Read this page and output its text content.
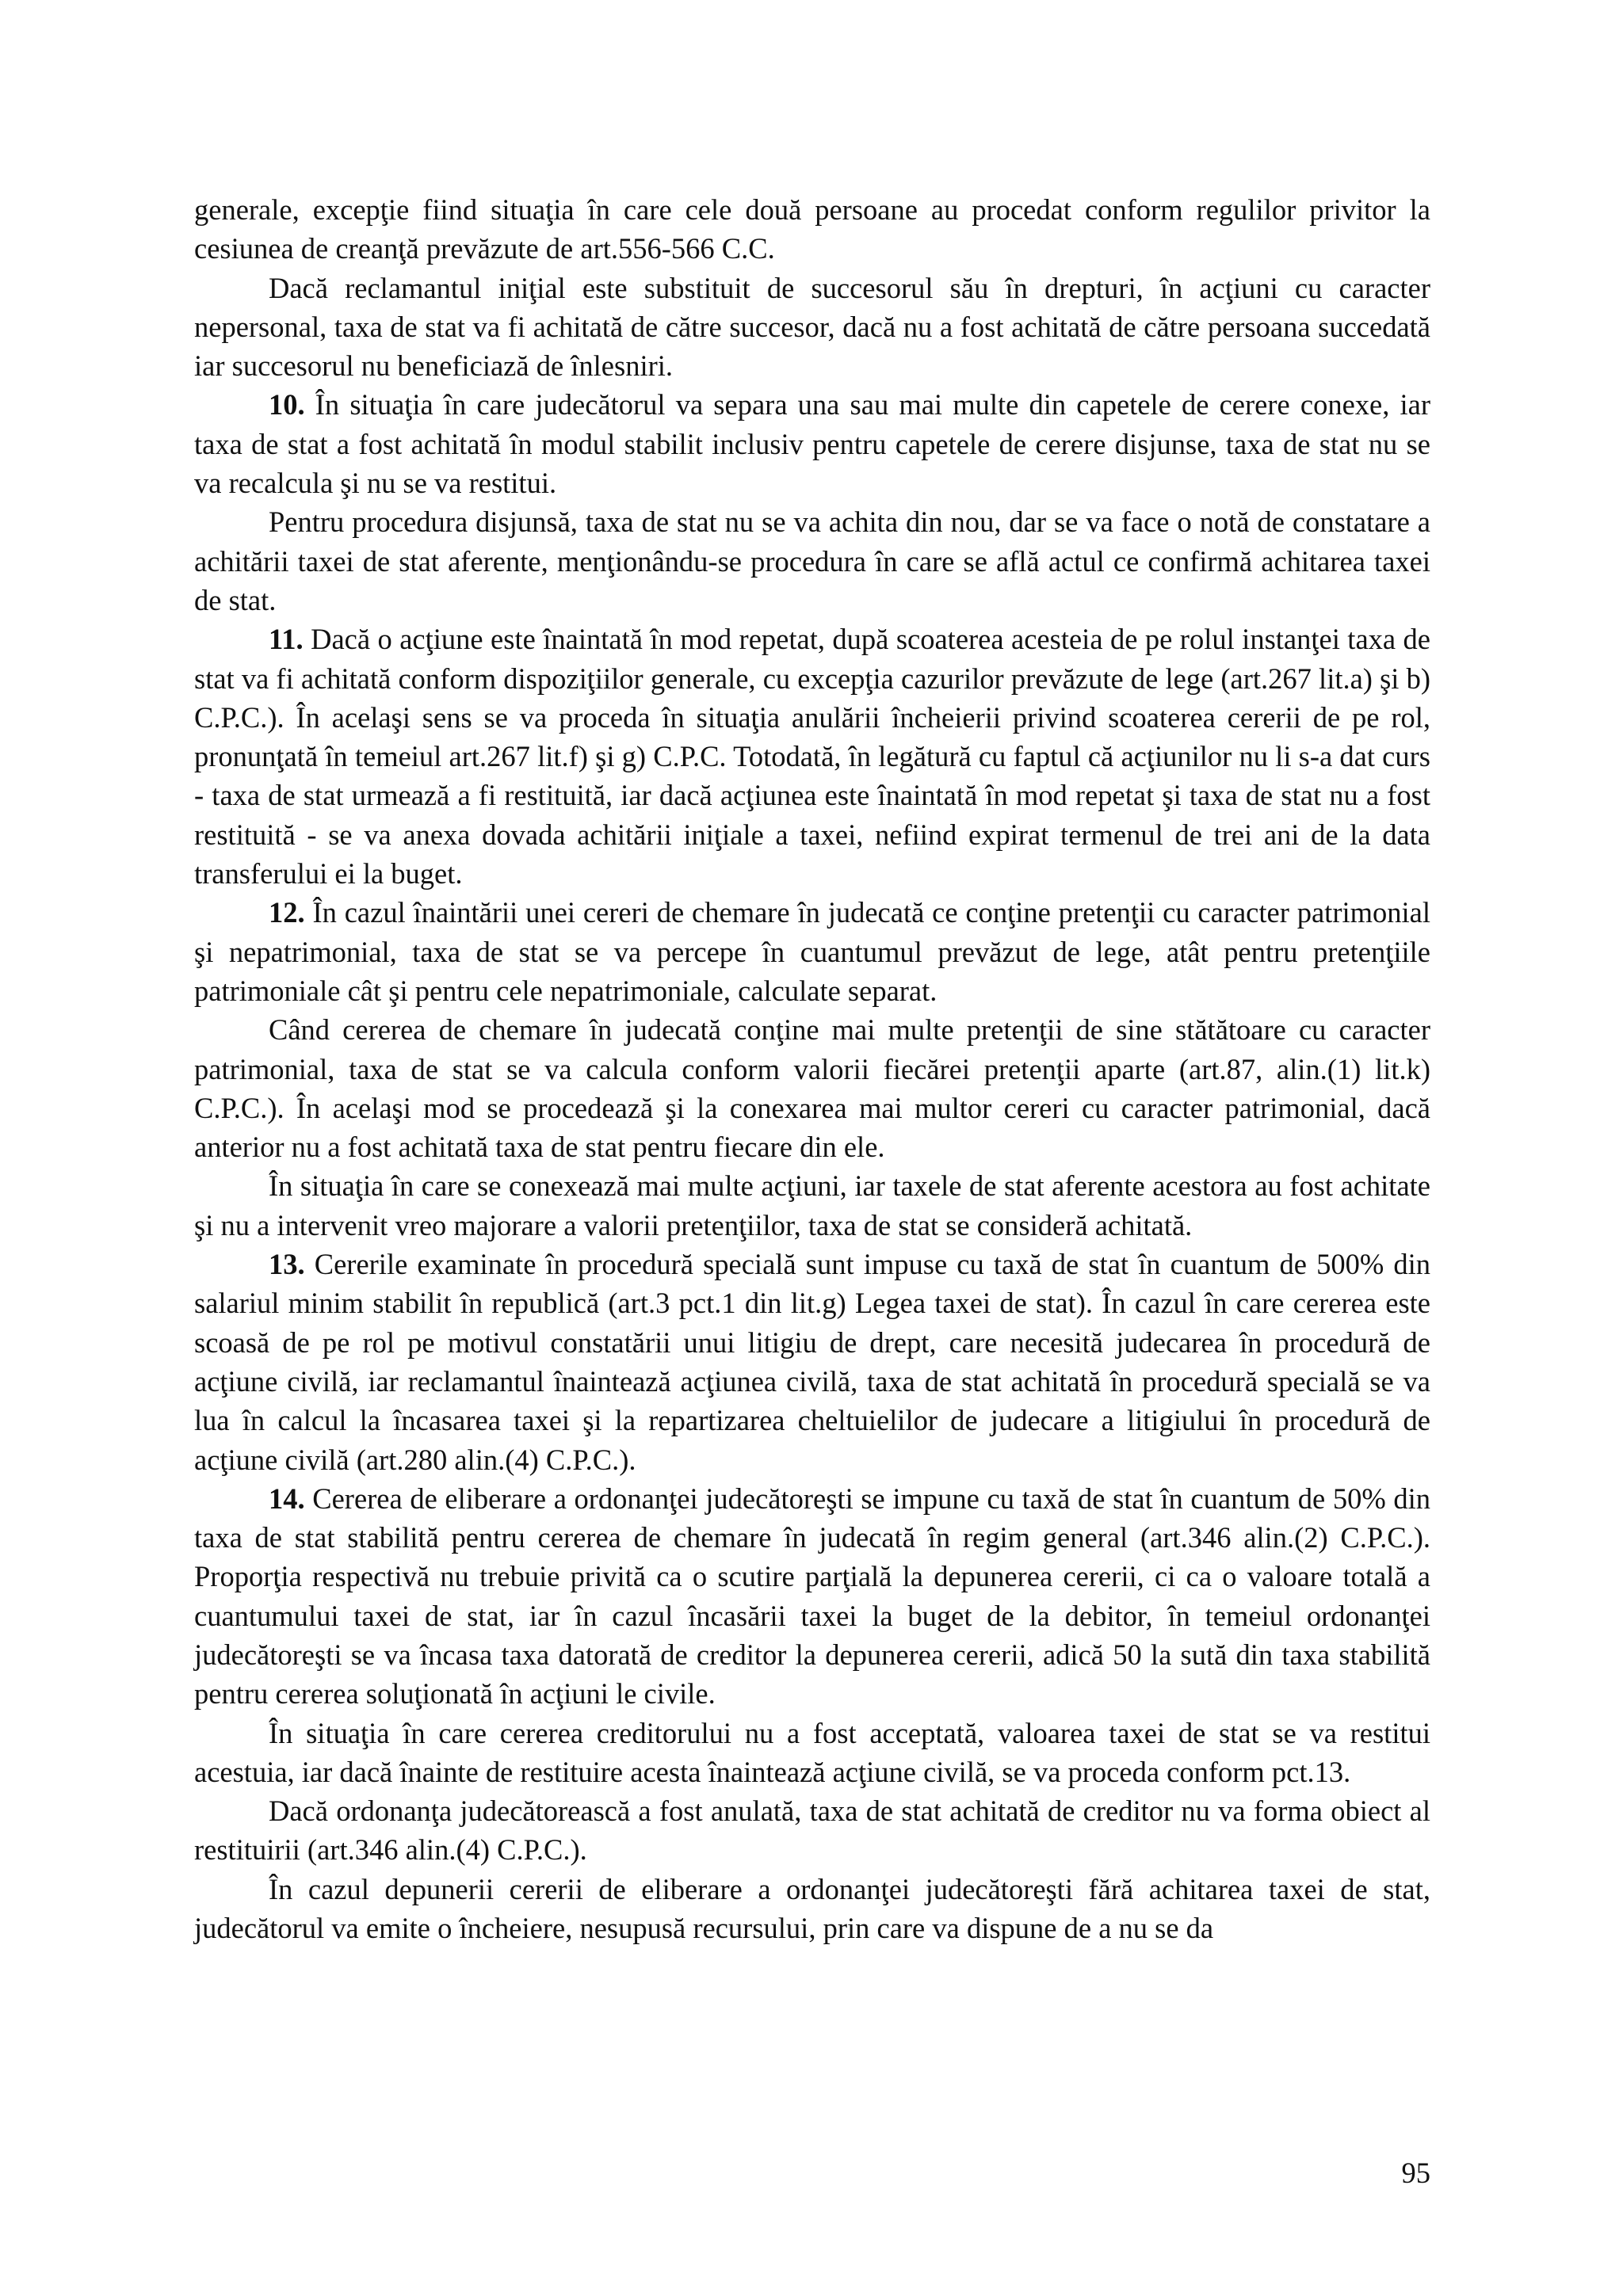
generale, excepţie fiind situaţia în care cele două persoane au procedat conform regulilor privitor la cesiunea de creanţă prevăzute de art.556-566 C.C.

Dacă reclamantul iniţial este substituit de succesorul său în drepturi, în acţiuni cu caracter nepersonal, taxa de stat va fi achitată de către succesor, dacă nu a fost achitată de către persoana succedată iar succesorul nu beneficiază de înlesniri.

10. În situaţia în care judecătorul va separa una sau mai multe din capetele de cerere conexe, iar taxa de stat a fost achitată în modul stabilit inclusiv pentru capetele de cerere disjunse, taxa de stat nu se va recalcula şi nu se va restitui.

Pentru procedura disjunsă, taxa de stat nu se va achita din nou, dar se va face o notă de constatare a achitării taxei de stat aferente, menţionându-se procedura în care se află actul ce confirmă achitarea taxei de stat.

11. Dacă o acţiune este înaintată în mod repetat, după scoaterea acesteia de pe rolul instanţei taxa de stat va fi achitată conform dispoziţiilor generale, cu excepţia cazurilor prevăzute de lege (art.267 lit.a) şi b) C.P.C.). În acelaşi sens se va proceda în situaţia anulării încheierii privind scoaterea cererii de pe rol, pronunţată în temeiul art.267 lit.f) şi g) C.P.C. Totodată, în legătură cu faptul că acţiunilor nu li s-a dat curs - taxa de stat urmează a fi restituită, iar dacă acţiunea este înaintată în mod repetat şi taxa de stat nu a fost restituită - se va anexa dovada achitării iniţiale a taxei, nefiind expirat termenul de trei ani de la data transferului ei la buget.

12. În cazul înaintării unei cereri de chemare în judecată ce conţine pretenţii cu caracter patrimonial şi nepatrimonial, taxa de stat se va percepe în cuantumul prevăzut de lege, atât pentru pretenţiile patrimoniale cât şi pentru cele nepatrimoniale, calculate separat.

Când cererea de chemare în judecată conţine mai multe pretenţii de sine stătătoare cu caracter patrimonial, taxa de stat se va calcula conform valorii fiecărei pretenţii aparte (art.87, alin.(1) lit.k) C.P.C.). În acelaşi mod se procedează şi la conexarea mai multor cereri cu caracter patrimonial, dacă anterior nu a fost achitată taxa de stat pentru fiecare din ele.

În situaţia în care se conexează mai multe acţiuni, iar taxele de stat aferente acestora au fost achitate şi nu a intervenit vreo majorare a valorii pretenţiilor, taxa de stat se consideră achitată.

13. Cererile examinate în procedură specială sunt impuse cu taxă de stat în cuantum de 500% din salariul minim stabilit în republică (art.3 pct.1 din lit.g) Legea taxei de stat). În cazul în care cererea este scoasă de pe rol pe motivul constatării unui litigiu de drept, care necesită judecarea în procedură de acţiune civilă, iar reclamantul înaintează acţiunea civilă, taxa de stat achitată în procedură specială se va lua în calcul la încasarea taxei şi la repartizarea cheltuielilor de judecare a litigiului în procedură de acţiune civilă (art.280 alin.(4) C.P.C.).

14. Cererea de eliberare a ordonanţei judecătoreşti se impune cu taxă de stat în cuantum de 50% din taxa de stat stabilită pentru cererea de chemare în judecată în regim general (art.346 alin.(2) C.P.C.). Proporţia respectivă nu trebuie privită ca o scutire parţială la depunerea cererii, ci ca o valoare totală a cuantumului taxei de stat, iar în cazul încasării taxei la buget de la debitor, în temeiul ordonanţei judecătoreşti se va încasa taxa datorată de creditor la depunerea cererii, adică 50 la sută din taxa stabilită pentru cererea soluţionată în acţiuni le civile.

În situaţia în care cererea creditorului nu a fost acceptată, valoarea taxei de stat se va restitui acestuia, iar dacă înainte de restituire acesta înaintează acţiune civilă, se va proceda conform pct.13.

Dacă ordonanţa judecătorească a fost anulată, taxa de stat achitată de creditor nu va forma obiect al restituirii (art.346 alin.(4) C.P.C.).

În cazul depunerii cererii de eliberare a ordonanţei judecătoreşti fără achitarea taxei de stat, judecătorul va emite o încheiere, nesupusă recursului, prin care va dispune de a nu se da

95
